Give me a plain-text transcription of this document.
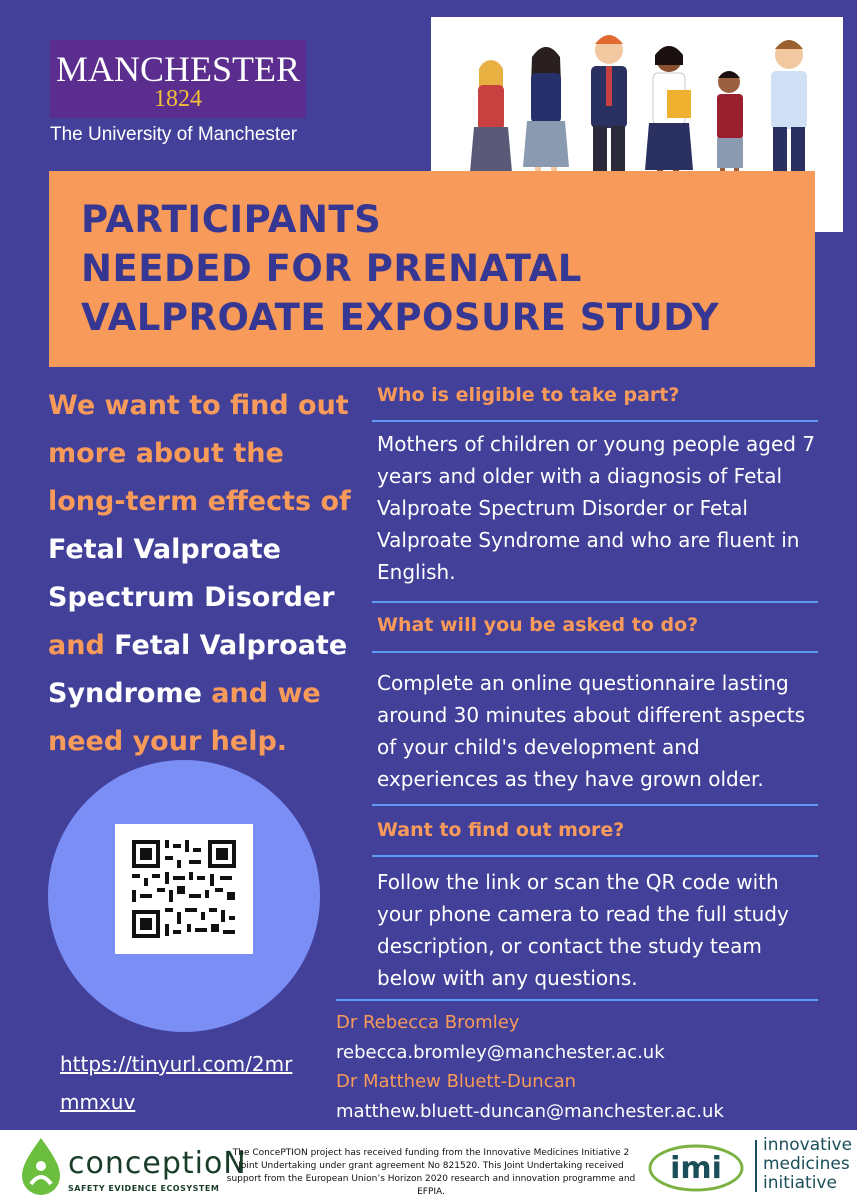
MANCHESTER
1824
The University of Manchester
PARTICIPANTS
NEEDED FOR PRENATAL
VALPROATE EXPOSURE STUDY
We want to find out more about the long-term effects of Fetal Valproate Spectrum Disorder and Fetal Valproate Syndrome and we need your help.
https://tinyurl.com/2mr
mmxuv
Who is eligible to take part?
Mothers of children or young people aged 7 years and older with a diagnosis of Fetal Valproate Spectrum Disorder or Fetal Valproate Syndrome and who are fluent in English.
What will you be asked to do?
Complete an online questionnaire lasting around 30 minutes about different aspects of your child's development and experiences as they have grown older.
Want to find out more?
Follow the link or scan the QR code with your phone camera to read the full study description, or contact the study team below with any questions.
Dr Rebecca Bromley
rebecca.bromley@manchester.ac.uk
Dr Matthew Bluett-Duncan
matthew.bluett-duncan@manchester.ac.uk
conceptioN
SAFETY EVIDENCE ECOSYSTEM
The ConcePTION project has received funding from the Innovative Medicines Initiative 2 Joint Undertaking under grant agreement No 821520. This Joint Undertaking received support from the European Union’s Horizon 2020 research and innovation programme and EFPIA.
imi
innovative
medicines
initiative
